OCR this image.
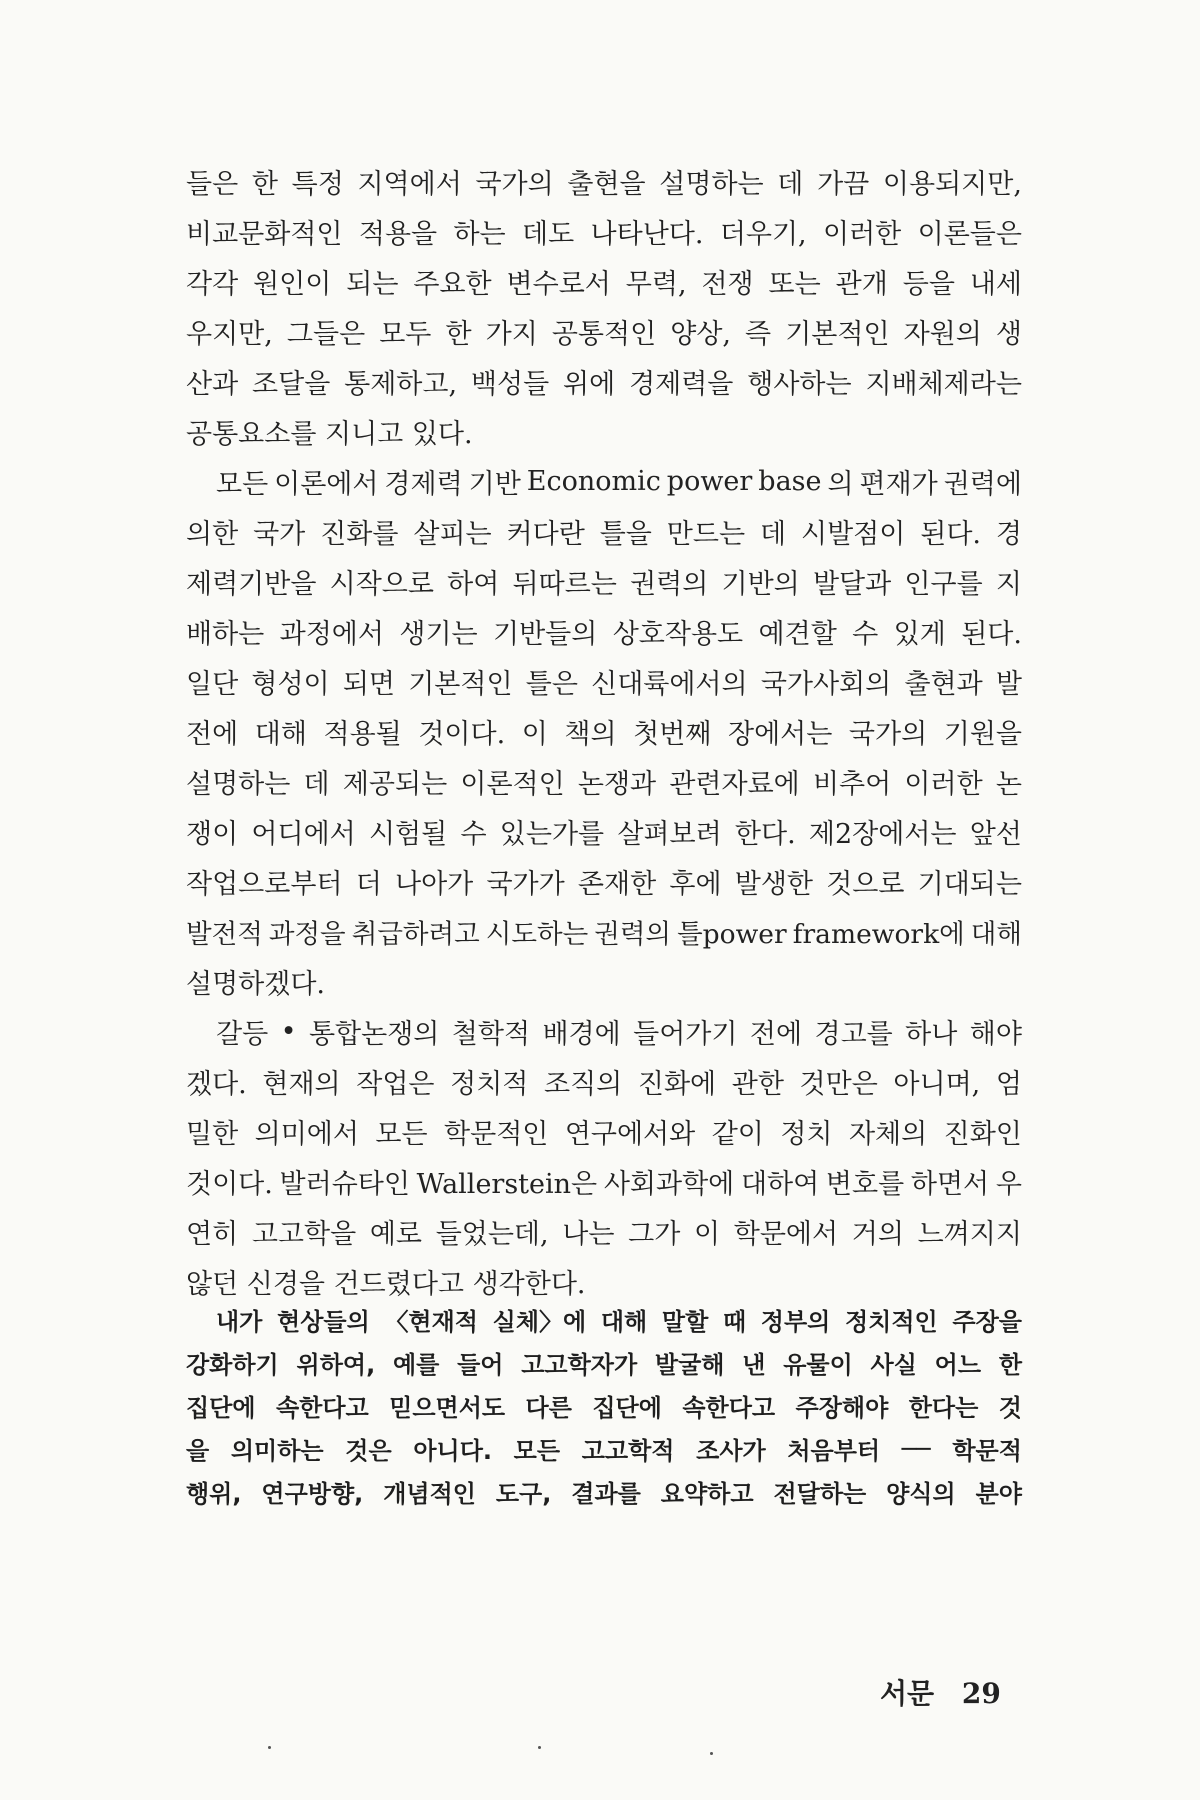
들은 한 특정 지역에서 국가의 출현을 설명하는 데 가끔 이용되지만,
비교문화적인 적용을 하는 데도 나타난다. 더우기, 이러한 이론들은
각각 원인이 되는 주요한 변수로서 무력, 전쟁 또는 관개 등을 내세
우지만, 그들은 모두 한 가지 공통적인 양상, 즉 기본적인 자원의 생
산과 조달을 통제하고, 백성들 위에 경제력을 행사하는 지배체제라는
공통요소를 지니고 있다.
모든 이론에서 경제력 기반 Economic power base 의 편재가 권력에
의한 국가 진화를 살피는 커다란 틀을 만드는 데 시발점이 된다. 경
제력기반을 시작으로 하여 뒤따르는 권력의 기반의 발달과 인구를 지
배하는 과정에서 생기는 기반들의 상호작용도 예견할 수 있게 된다.
일단 형성이 되면 기본적인 틀은 신대륙에서의 국가사회의 출현과 발
전에 대해 적용될 것이다. 이 책의 첫번째 장에서는 국가의 기원을
설명하는 데 제공되는 이론적인 논쟁과 관련자료에 비추어 이러한 논
쟁이 어디에서 시험될 수 있는가를 살펴보려 한다. 제2장에서는 앞선
작업으로부터 더 나아가 국가가 존재한 후에 발생한 것으로 기대되는
발전적 과정을 취급하려고 시도하는 권력의 틀power framework에 대해
설명하겠다.
갈등 • 통합논쟁의 철학적 배경에 들어가기 전에 경고를 하나 해야
겠다. 현재의 작업은 정치적 조직의 진화에 관한 것만은 아니며, 엄
밀한 의미에서 모든 학문적인 연구에서와 같이 정치 자체의 진화인
것이다. 발러슈타인 Wallerstein은 사회과학에 대하여 변호를 하면서 우
연히 고고학을 예로 들었는데, 나는 그가 이 학문에서 거의 느껴지지
않던 신경을 건드렸다고 생각한다.
내가 현상들의 〈현재적 실체〉에 대해 말할 때 정부의 정치적인 주장을
강화하기 위하여, 예를 들어 고고학자가 발굴해 낸 유물이 사실 어느 한
집단에 속한다고 믿으면서도 다른 집단에 속한다고 주장해야 한다는 것
을 의미하는 것은 아니다. 모든 고고학적 조사가 처음부터 ── 학문적
행위, 연구방향, 개념적인 도구, 결과를 요약하고 전달하는 양식의 분야
서문 29
